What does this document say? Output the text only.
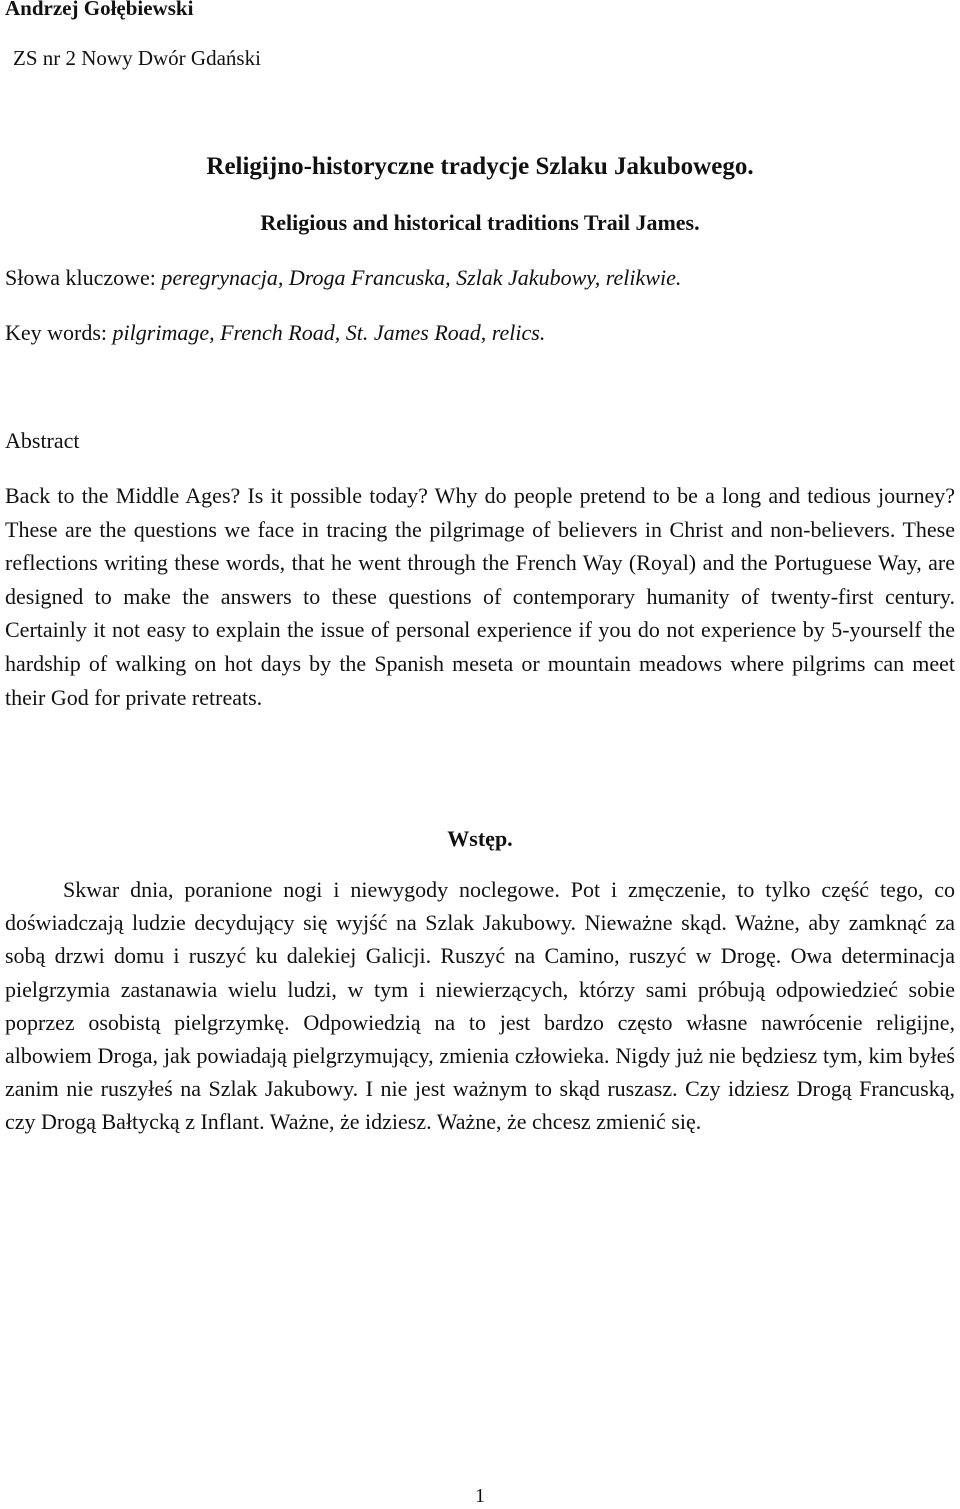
Andrzej Gołębiewski
ZS nr 2 Nowy Dwór Gdański
Religijno-historyczne tradycje Szlaku Jakubowego.
Religious and historical traditions Trail James.
Słowa kluczowe: peregrynacja, Droga Francuska, Szlak Jakubowy, relikwie.
Key words: pilgrimage, French Road, St. James Road, relics.
Abstract

Back to the Middle Ages? Is it possible today? Why do people pretend to be a long and tedious journey? These are the questions we face in tracing the pilgrimage of believers in Christ and non-believers. These reflections writing these words, that he went through the French Way (Royal) and the Portuguese Way, are designed to make the answers to these questions of contemporary humanity of twenty-first century. Certainly it not easy to explain the issue of personal experience if you do not experience by 5-yourself the hardship of walking on hot days by the Spanish meseta or mountain meadows where pilgrims can meet their God for private retreats.

Wstęp.

Skwar dnia, poranione nogi i niewygody noclegowe. Pot i zmęczenie, to tylko część tego, co doświadczają ludzie decydujący się wyjść na Szlak Jakubowy. Nieważne skąd. Ważne, aby zamknąć za sobą drzwi domu i ruszyć ku dalekiej Galicji. Ruszyć na Camino, ruszyć w Drogę. Owa determinacja pielgrzymia zastanawia wielu ludzi, w tym i niewierzących, którzy sami próbują odpowiedzieć sobie poprzez osobistą pielgrzymkę. Odpowiedzią na to jest bardzo często własne nawrócenie religijne, albowiem Droga, jak powiadają pielgrzymujący, zmienia człowieka. Nigdy już nie będziesz tym, kim byłeś zanim nie ruszyłeś na Szlak Jakubowy. I nie jest ważnym to skąd ruszasz. Czy idziesz Drogą Francuską, czy Drogą Bałtycką z Inflant. Ważne, że idziesz. Ważne, że chcesz zmienić się.

1
